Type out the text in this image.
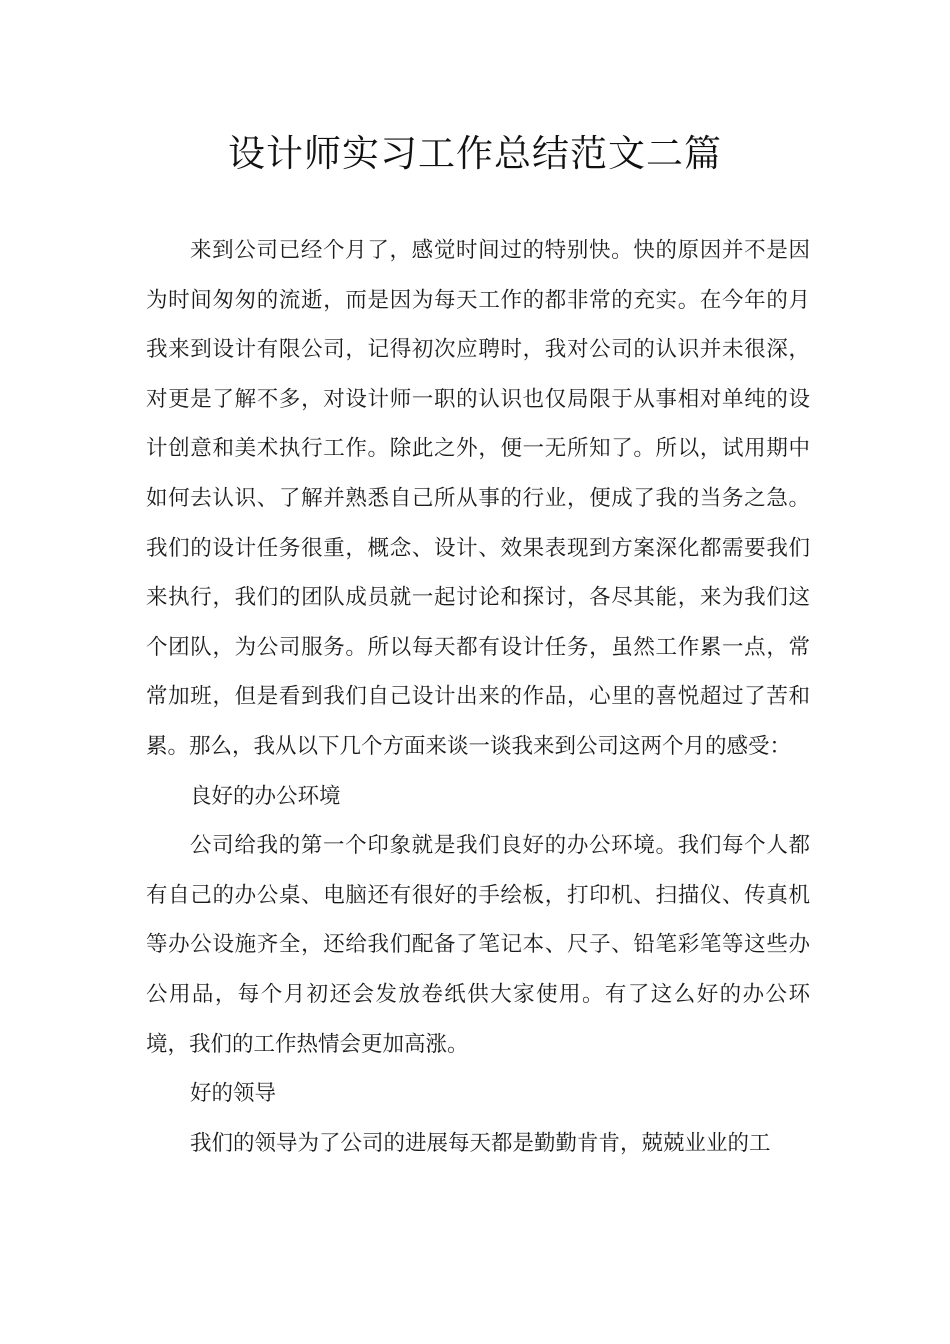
设计师实习工作总结范文二篇

来到公司已经个月了，感觉时间过的特别快。快的原因并不是因为时间匆匆的流逝，而是因为每天工作的都非常的充实。在今年的月我来到设计有限公司，记得初次应聘时，我对公司的认识并未很深，对更是了解不多，对设计师一职的认识也仅局限于从事相对单纯的设计创意和美术执行工作。除此之外，便一无所知了。所以，试用期中如何去认识、了解并熟悉自己所从事的行业，便成了我的当务之急。我们的设计任务很重，概念、设计、效果表现到方案深化都需要我们来执行，我们的团队成员就一起讨论和探讨，各尽其能，来为我们这个团队，为公司服务。所以每天都有设计任务，虽然工作累一点，常常加班，但是看到我们自己设计出来的作品，心里的喜悦超过了苦和累。那么，我从以下几个方面来谈一谈我来到公司这两个月的感受：

良好的办公环境

公司给我的第一个印象就是我们良好的办公环境。我们每个人都有自己的办公桌、电脑还有很好的手绘板，打印机、扫描仪、传真机等办公设施齐全，还给我们配备了笔记本、尺子、铅笔彩笔等这些办公用品，每个月初还会发放卷纸供大家使用。有了这么好的办公环境，我们的工作热情会更加高涨。

好的领导

我们的领导为了公司的进展每天都是勤勤肯肯，兢兢业业的工
